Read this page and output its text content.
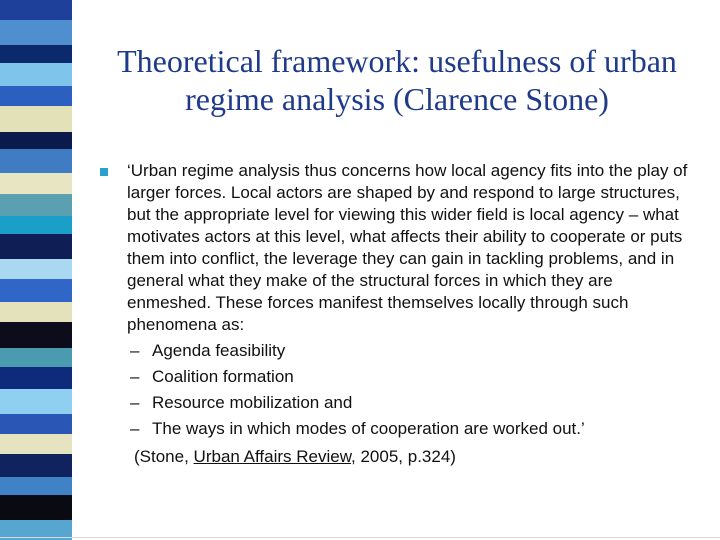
Theoretical framework: usefulness of urban regime analysis (Clarence Stone)
‘Urban regime analysis thus concerns how local agency fits into the play of larger forces. Local actors are shaped by and respond to large structures, but the appropriate level for viewing this wider field is local agency – what motivates actors at this level, what affects their ability to cooperate or puts them into conflict, the leverage they can gain in tackling problems, and in general what they make of the structural forces in which they are enmeshed. These forces manifest themselves locally through such phenomena as:
– Agenda feasibility
– Coalition formation
– Resource mobilization and
– The ways in which modes of cooperation are worked out.’
(Stone, Urban Affairs Review, 2005, p.324)
